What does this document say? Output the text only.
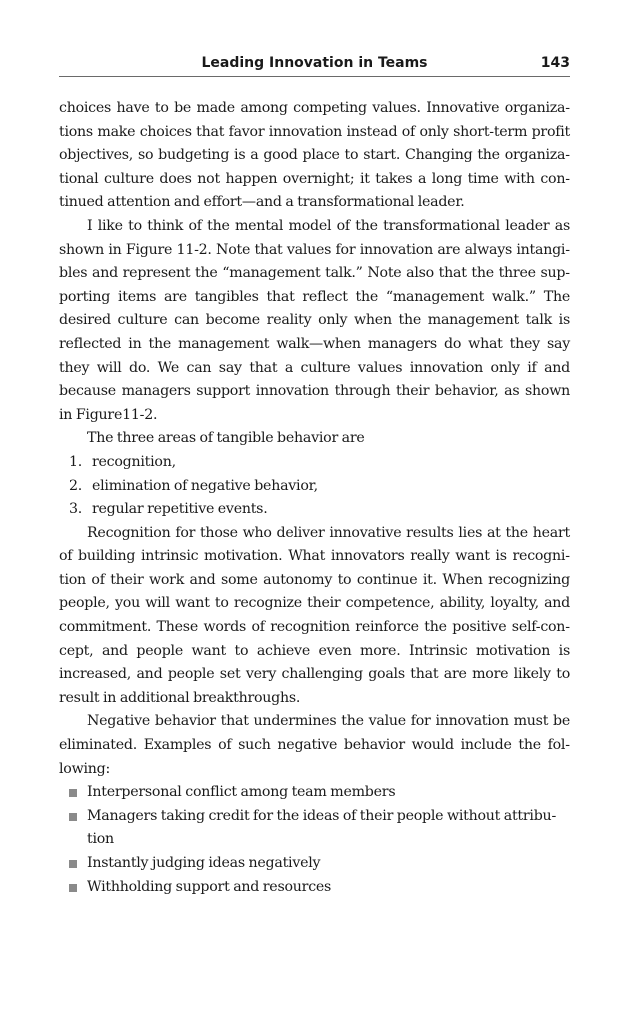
Leading Innovation in Teams	143

choices have to be made among competing values. Innovative organizations make choices that favor innovation instead of only short-term profit objectives, so budgeting is a good place to start. Changing the organizational culture does not happen overnight; it takes a long time with continued attention and effort—and a transformational leader.

I like to think of the mental model of the transformational leader as shown in Figure 11-2. Note that values for innovation are always intangibles and represent the “management talk.” Note also that the three supporting items are tangibles that reflect the “management walk.” The desired culture can become reality only when the management talk is reflected in the management walk—when managers do what they say they will do. We can say that a culture values innovation only if and because managers support innovation through their behavior, as shown in Figure11-2.

The three areas of tangible behavior are

1. recognition,
2. elimination of negative behavior,
3. regular repetitive events.

Recognition for those who deliver innovative results lies at the heart of building intrinsic motivation. What innovators really want is recognition of their work and some autonomy to continue it. When recognizing people, you will want to recognize their competence, ability, loyalty, and commitment. These words of recognition reinforce the positive self-concept, and people want to achieve even more. Intrinsic motivation is increased, and people set very challenging goals that are more likely to result in additional breakthroughs.

Negative behavior that undermines the value for innovation must be eliminated. Examples of such negative behavior would include the following:

Interpersonal conflict among team members
Managers taking credit for the ideas of their people without attribution
Instantly judging ideas negatively
Withholding support and resources
